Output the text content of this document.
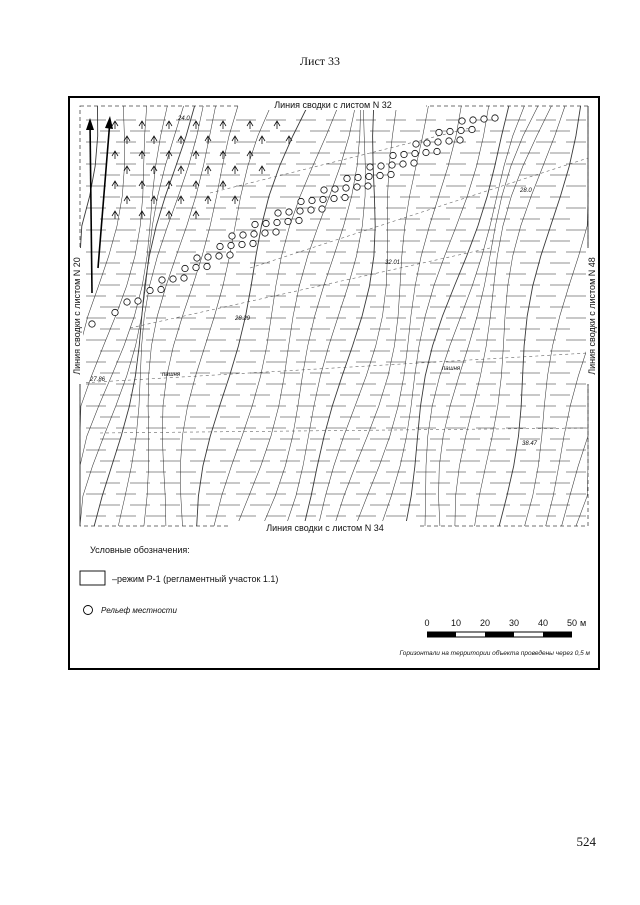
Лист 33
24.0
28.0
32.01
28.29
27.86
38.47
пашня
пашня
Линия сводки с листом N 32
Линия сводки с листом N 34
Линия сводки с листом N 20	Линия сводки с листом N 48
Условные обозначения:
–режим Р-1 (регламентный участок 1.1)
Рельеф местности
0 10 20 30 40 50 м
Горизонтали на территории объекта проведены через 0,5 м
524
